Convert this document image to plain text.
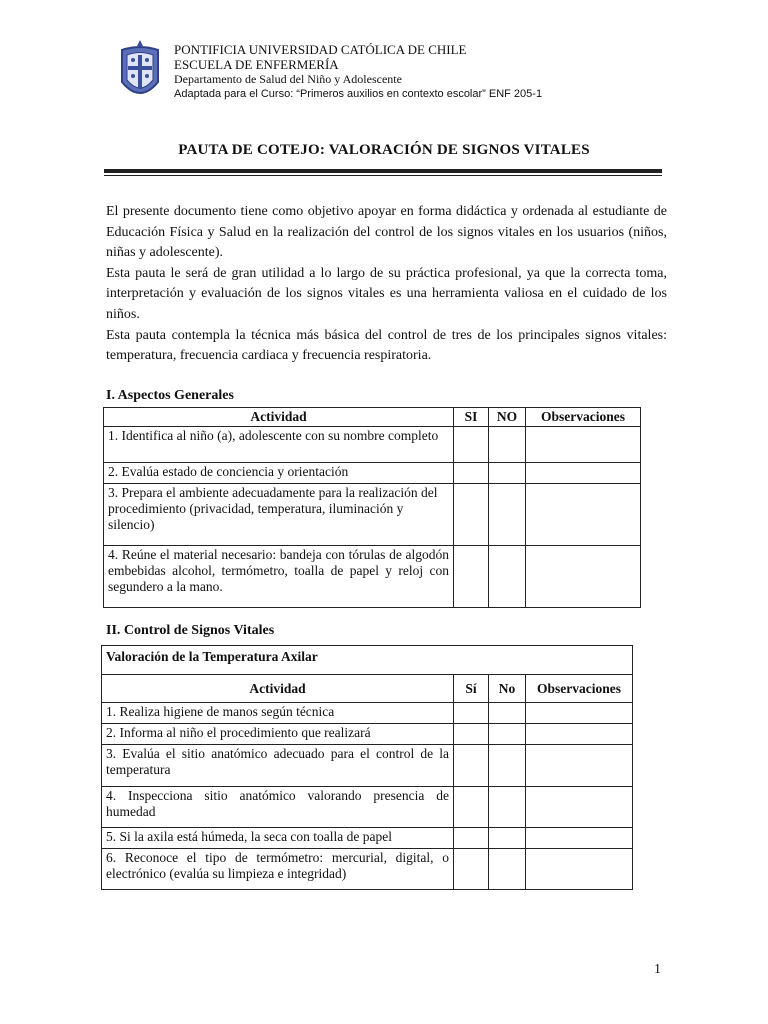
PONTIFICIA UNIVERSIDAD CATÓLICA DE CHILE
ESCUELA DE ENFERMERÍA
Departamento de Salud del Niño y Adolescente
Adaptada para el Curso: “Primeros auxilios en contexto escolar” ENF 205-1
PAUTA DE COTEJO: VALORACIÓN DE SIGNOS VITALES

El presente documento tiene como objetivo apoyar en forma didáctica y ordenada al estudiante de Educación Física y Salud en la realización del control de los signos vitales en los usuarios (niños, niñas y adolescente).

Esta pauta le será de gran utilidad a lo largo de su práctica profesional, ya que la correcta toma, interpretación y evaluación de los signos vitales es una herramienta valiosa en el cuidado de los niños.

Esta pauta contempla la técnica más básica del control de tres de los principales signos vitales: temperatura, frecuencia cardiaca y frecuencia respiratoria.

I. Aspectos Generales
Actividad	SI	NO	Observaciones
1. Identifica al niño (a), adolescente con su nombre completo			
2. Evalúa estado de conciencia y orientación			
3. Prepara el ambiente adecuadamente para la realización del procedimiento (privacidad, temperatura, iluminación y silencio)			
4. Reúne el material necesario: bandeja con tórulas de algodón embebidas alcohol, termómetro, toalla de papel y reloj con segundero a la mano.			
II. Control de Signos Vitales
Valoración de la Temperatura Axilar			
Actividad	Sí	No	Observaciones
1. Realiza higiene de manos según técnica			
2. Informa al niño el procedimiento que realizará			
3. Evalúa el sitio anatómico adecuado para el control de la temperatura			
4. Inspecciona sitio anatómico valorando presencia de humedad			
5. Si la axila está húmeda, la seca con toalla de papel			
6. Reconoce el tipo de termómetro: mercurial, digital, o electrónico (evalúa su limpieza e integridad)			
1
